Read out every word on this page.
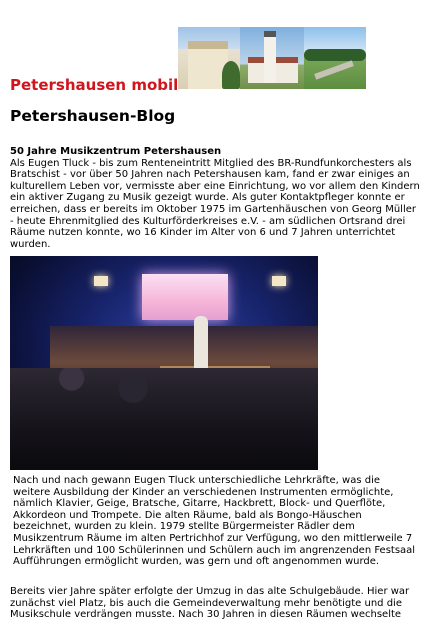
Petershausen mobil
Petershausen-Blog
50 Jahre Musikzentrum Petershausen

Als Eugen Tluck - bis zum Renteneintritt Mitglied des BR-Rundfunkorchesters als Bratschist - vor über 50 Jahren nach Petershausen kam, fand er zwar einiges an kulturellem Leben vor, vermisste aber eine Einrichtung, wo vor allem den Kindern ein aktiver Zugang zu Musik gezeigt wurde. Als guter Kontaktpfleger konnte er erreichen, dass er bereits im Oktober 1975 im Gartenhäuschen von Georg Müller - heute Ehrenmitglied des Kulturförderkreises e.V. - am südlichen Ortsrand drei Räume nutzen konnte, wo 16 Kinder im Alter von 6 und 7 Jahren unterrichtet wurden.

Nach und nach gewann Eugen Tluck unterschiedliche Lehrkräfte, was die weitere Ausbildung der Kinder an verschiedenen Instrumenten ermöglichte, nämlich Klavier, Geige, Bratsche, Gitarre, Hackbrett, Block- und Querflöte, Akkordeon und Trompete. Die alten Räume, bald als Bongo-Häuschen bezeichnet, wurden zu klein. 1979 stellte Bürgermeister Rädler dem Musikzentrum Räume im alten Pertrichhof zur Verfügung, wo den mittlerweile 7 Lehrkräften und 100 Schülerinnen und Schülern auch im angrenzenden Festsaal Aufführungen ermöglicht wurden, was gern und oft angenommen wurde.

Bereits vier Jahre später erfolgte der Umzug in das alte Schulgebäude. Hier war zunächst viel Platz, bis auch die Gemeindeverwaltung mehr benötigte und die Musikschule verdrängen musste. Nach 30 Jahren in diesen Räumen wechselte
